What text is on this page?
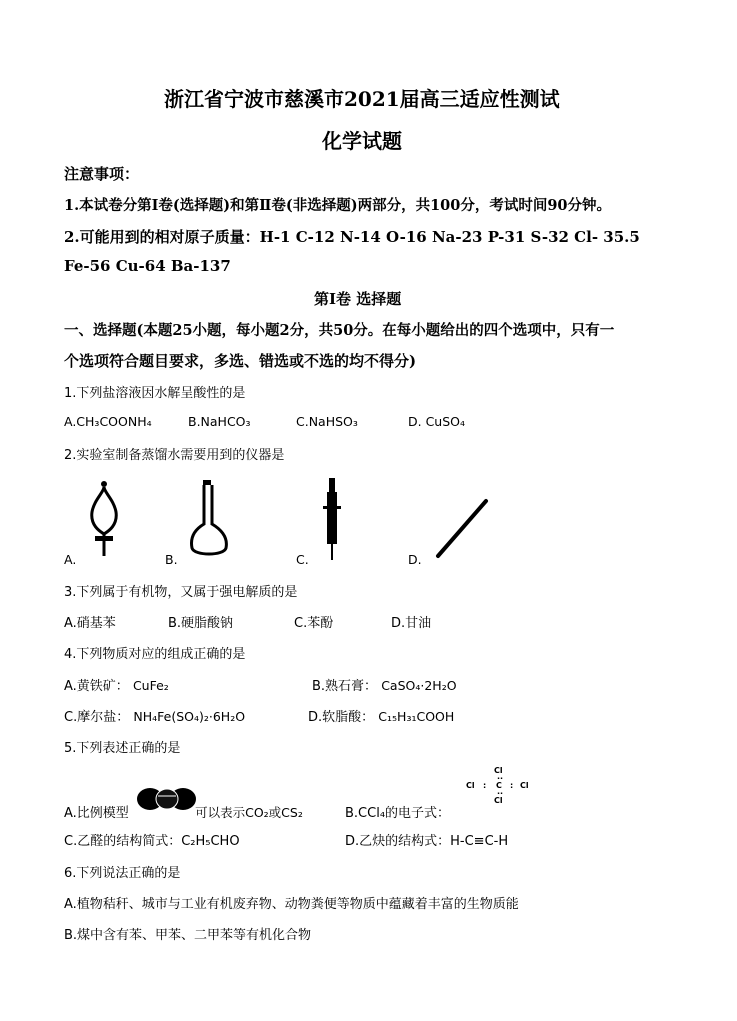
浙江省宁波市慈溪市2021届高三适应性测试
化学试题
注意事项：
1.本试卷分第Ⅰ卷(选择题)和第Ⅱ卷(非选择题)两部分，共100分，考试时间90分钟。
2.可能用到的相对原子质量：H-1 C-12 N-14 O-16 Na-23 P-31 S-32 Cl- 35.5
Fe-56 Cu-64 Ba-137
第Ⅰ卷 选择题
一、选择题(本题25小题，每小题2分，共50分。在每小题给出的四个选项中，只有一
个选项符合题目要求，多选、错选或不选的均不得分)
1.下列盐溶液因水解呈酸性的是
A.CH₃COONH₄	B.NaHCO₃	C.NaHSO₃	D. CuSO₄
2.实验室制备蒸馏水需要用到的仪器是
A.	B.	C.	D.
3.下列属于有机物，又属于强电解质的是
A.硝基苯	B.硬脂酸钠	C.苯酚	D.甘油
4.下列物质对应的组成正确的是
A.黄铁矿： CuFe₂	B.熟石膏： CaSO₄·2H₂O
C.摩尔盐： NH₄Fe(SO₄)₂·6H₂O	D.软脂酸： C₁₅H₃₁COOH
5.下列表述正确的是
A.比例模型	可以表示CO₂或CS₂	B.CCl₄的电子式：
Cl
Cl	C Cl
Cl
:	:
··
··
C.乙醛的结构简式：C₂H₅CHO	D.乙炔的结构式：H-C≡C-H
6.下列说法正确的是
A.植物秸秆、城市与工业有机废弃物、动物粪便等物质中蕴藏着丰富的生物质能
B.煤中含有苯、甲苯、二甲苯等有机化合物
